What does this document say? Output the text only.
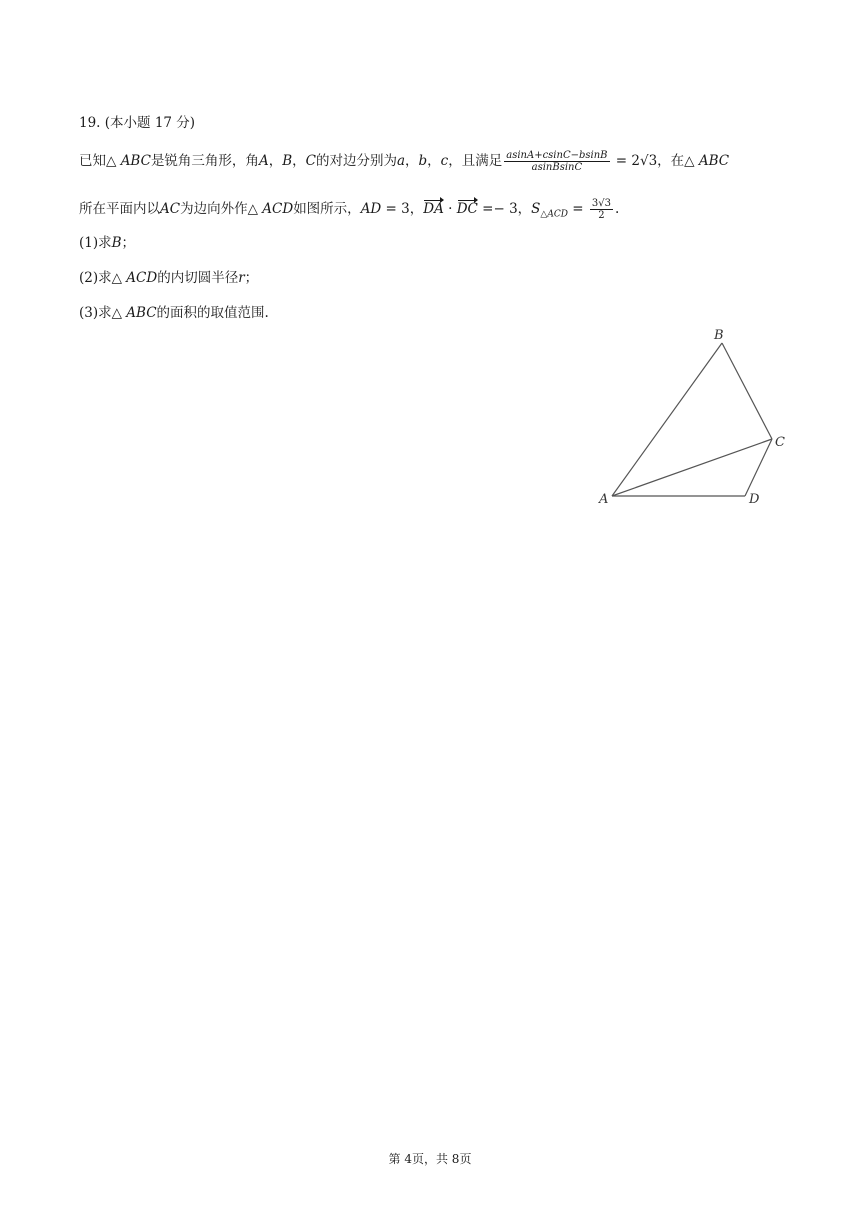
19. (本小题 17 分)
已知△ ABC是锐角三角形，角A，B，C的对边分别为a，b，c，且满足 $\frac{asinA+csinC-bsinB}{\text{asinBsinC}} = 2√3$，在△ ABC
所在平面内以AC为边向外作△ ACD如图所示，AD = 3，DA · DC =− 3，$S_{\triangle ACD} = \frac{3√3}{2}$ .
(1)求B；
(2)求△ ACD的内切圆半径r；
(3)求△ ABC的面积的取值范围.
B
C
A	D
第 4页，共 8页
